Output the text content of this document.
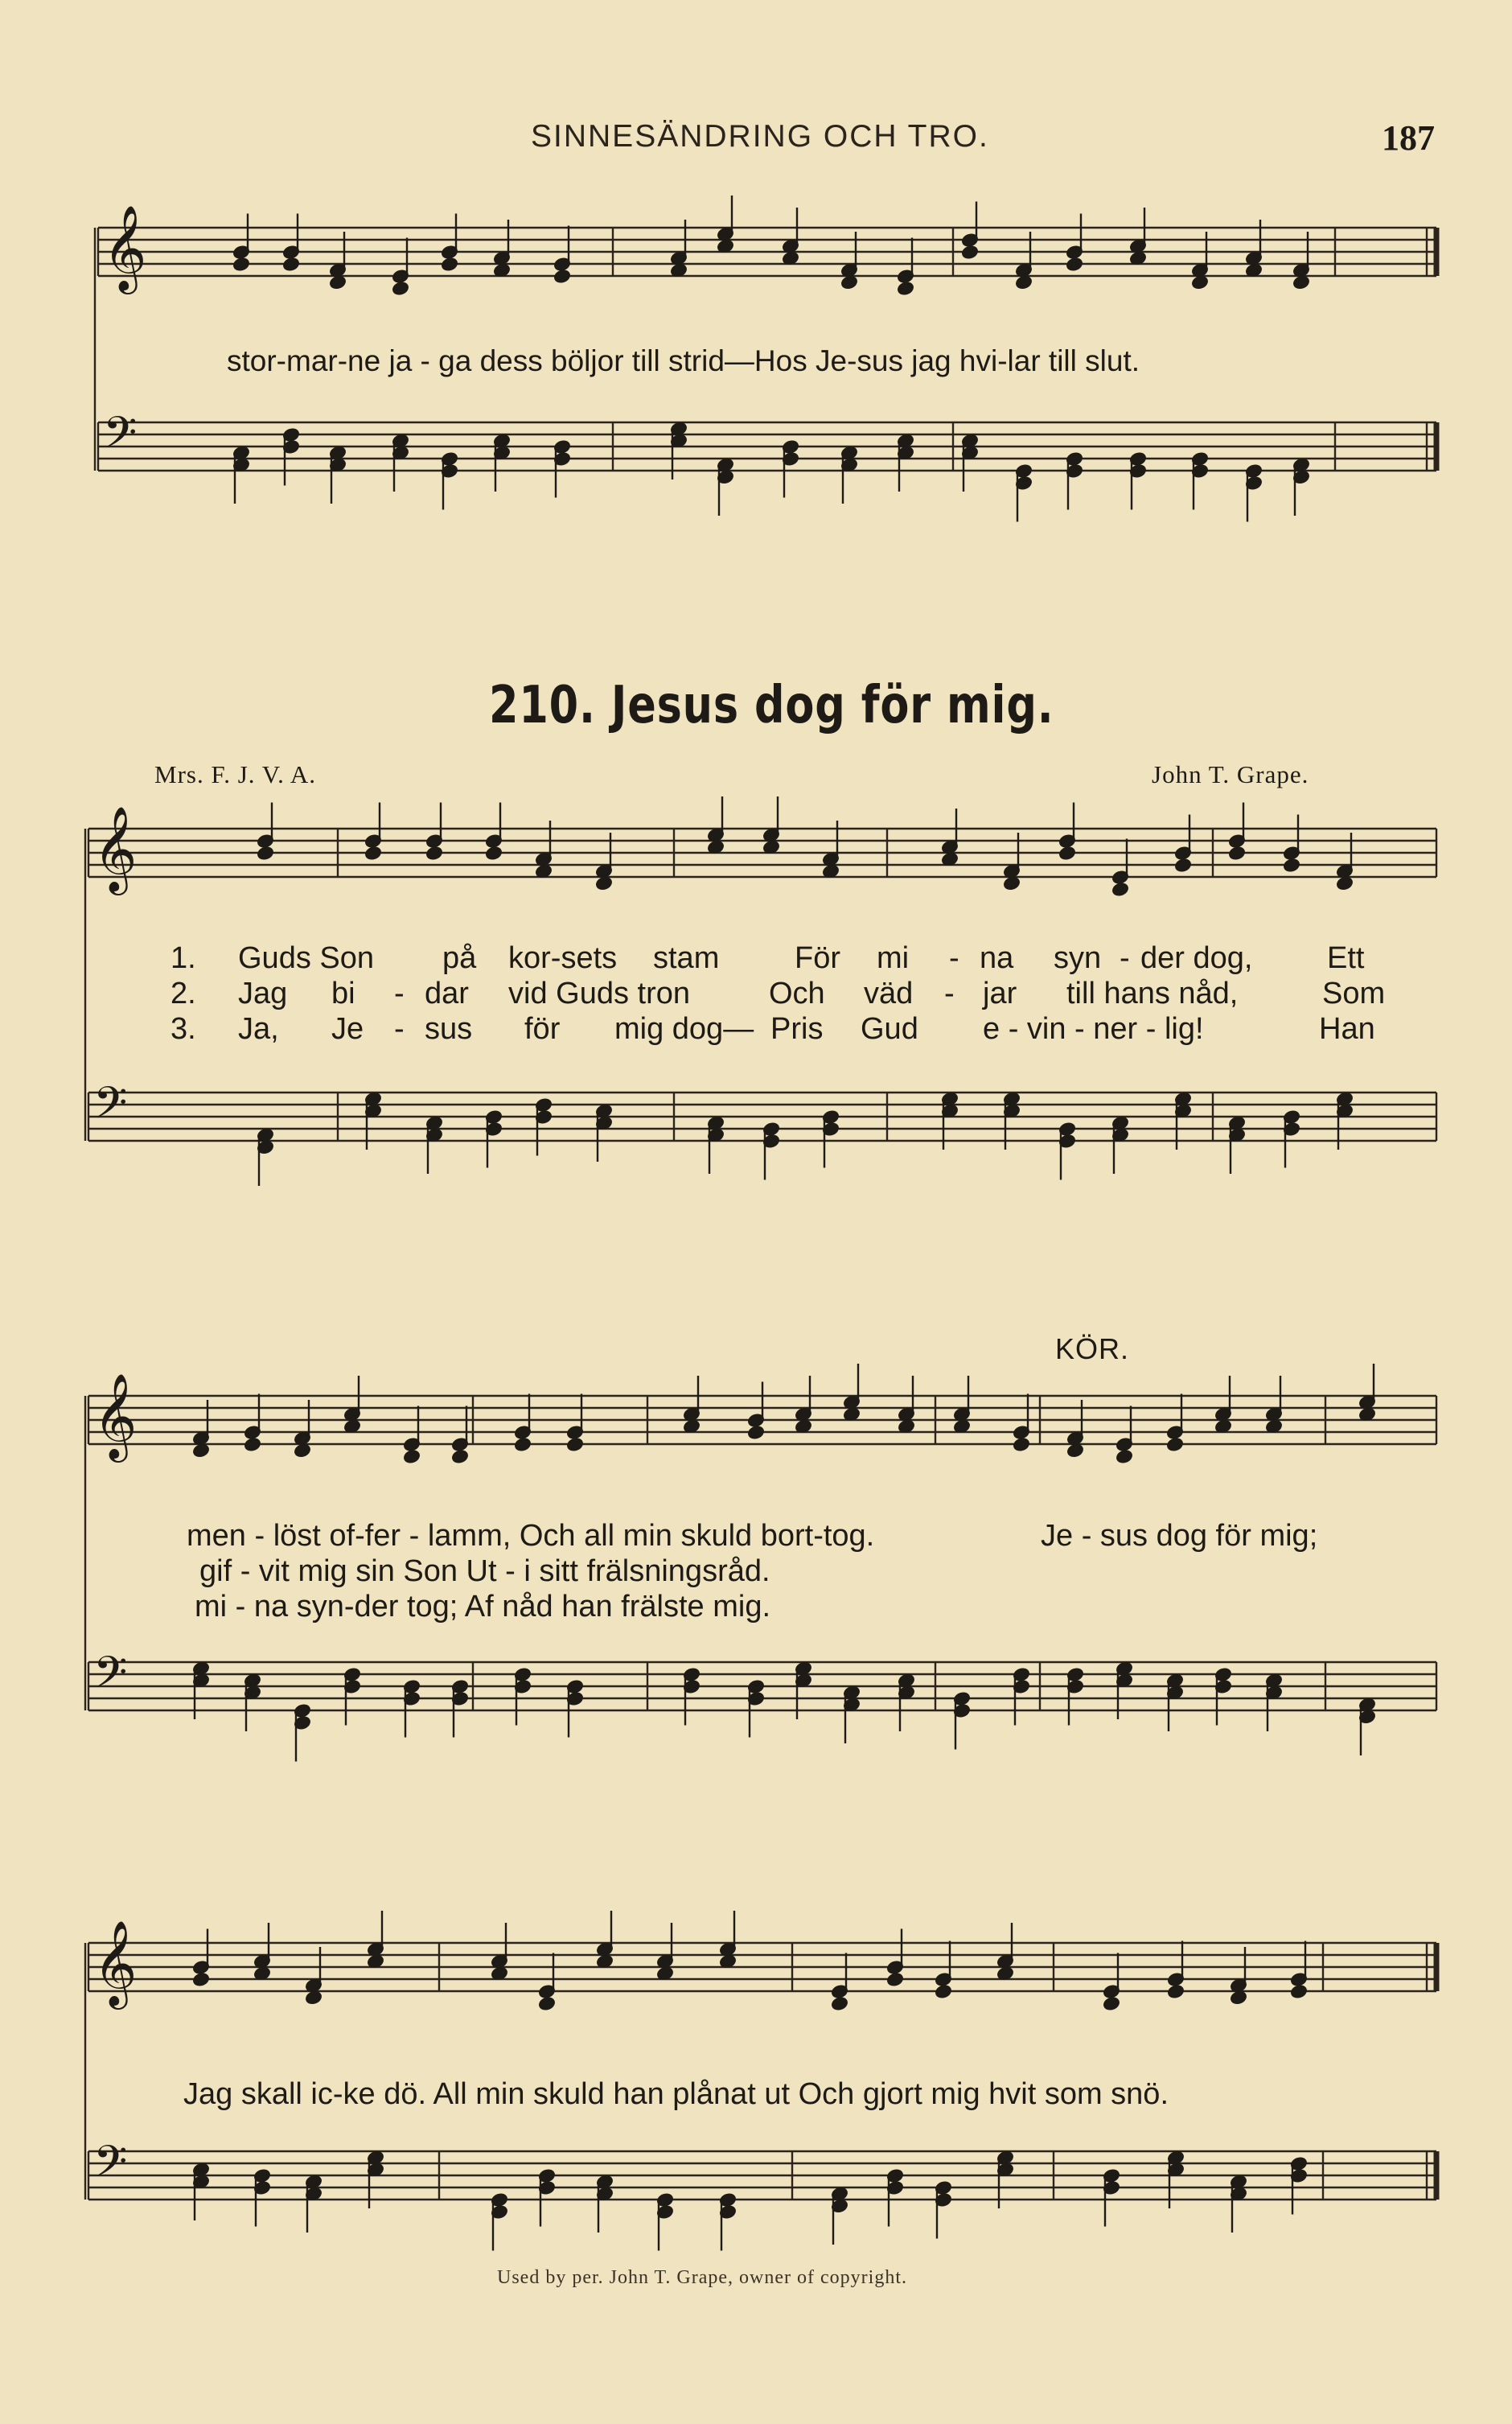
SINNESÄNDRING OCH TRO.	187
𝄞
𝄢
𝄞
𝄢
𝄞
𝄢
𝄞
𝄢
stor-mar-ne ja - ga dess böljor till strid—Hos Je-sus jag hvi-lar till slut.
210. Jesus dog för mig.
Mrs. F. J. V. A.	John T. Grape.
1. Guds Son på kor-sets stam För mi - na syn - der dog, Ett
2. Jag bi - dar vid Guds tron	Och väd - jar till hans nåd,	Som
3. Ja, Je - sus för mig dog— Pris Gud e - vin - ner - lig!	Han
KÖR.
men - löst of-fer - lamm, Och all min skuld bort-tog.	Je - sus dog för mig;
gif - vit mig sin Son Ut - i sitt frälsningsråd.
mi - na syn-der tog; Af nåd han frälste mig.
Jag skall ic-ke dö. All min skuld han plånat ut Och gjort mig hvit som snö.
Used by per. John T. Grape, owner of copyright.
